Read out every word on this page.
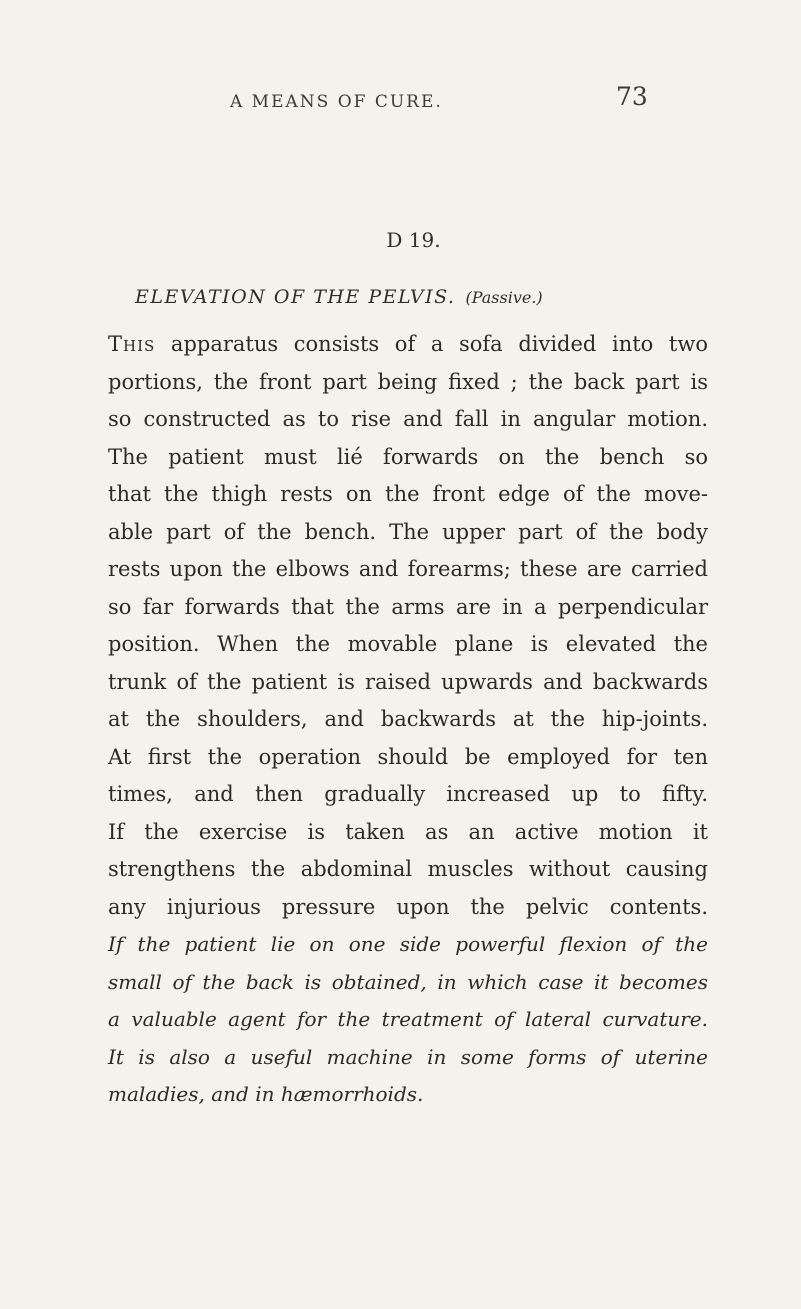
A MEANS OF CURE.	73
D 19.
ELEVATION OF THE PELVIS. (Passive.)
This apparatus consists of a sofa divided into two
portions, the front part being fixed ; the back part is
so constructed as to rise and fall in angular motion.
The patient must lié forwards on the bench so
that the thigh rests on the front edge of the move-
able part of the bench. The upper part of the body
rests upon the elbows and forearms; these are carried
so far forwards that the arms are in a perpendicular
position. When the movable plane is elevated the
trunk of the patient is raised upwards and backwards
at the shoulders, and backwards at the hip-joints.
At first the operation should be employed for ten
times, and then gradually increased up to fifty.
If the exercise is taken as an active motion it
strengthens the abdominal muscles without causing
any injurious pressure upon the pelvic contents.
If the patient lie on one side powerful flexion of the
small of the back is obtained, in which case it becomes
a valuable agent for the treatment of lateral curvature.
It is also a useful machine in some forms of uterine
maladies, and in hæmorrhoids.
